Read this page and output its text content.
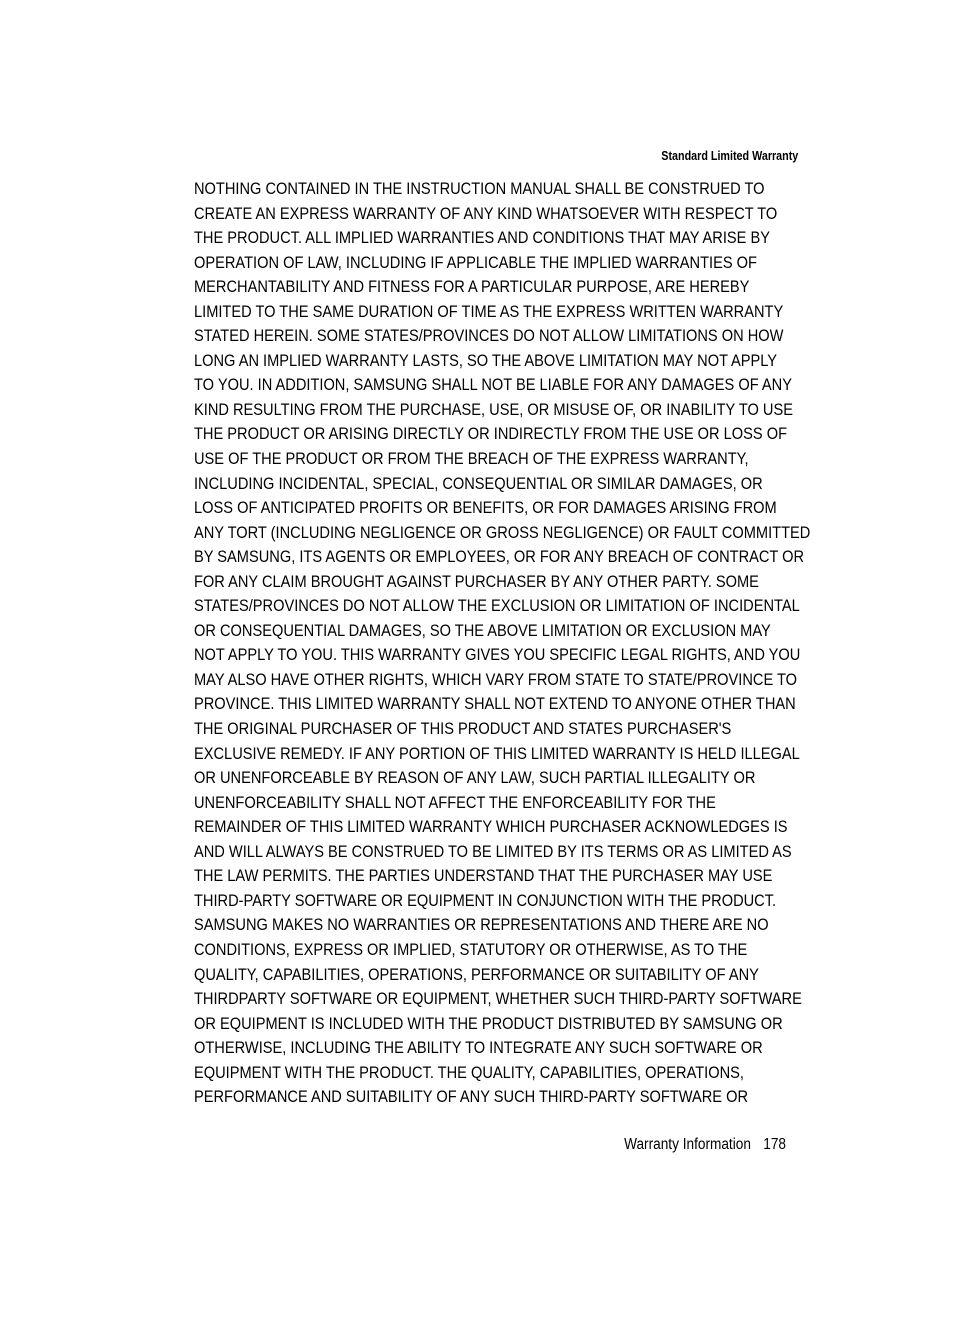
Standard Limited Warranty
NOTHING CONTAINED IN THE INSTRUCTION MANUAL SHALL BE CONSTRUED TO
CREATE AN EXPRESS WARRANTY OF ANY KIND WHATSOEVER WITH RESPECT TO
THE PRODUCT. ALL IMPLIED WARRANTIES AND CONDITIONS THAT MAY ARISE BY
OPERATION OF LAW, INCLUDING IF APPLICABLE THE IMPLIED WARRANTIES OF
MERCHANTABILITY AND FITNESS FOR A PARTICULAR PURPOSE, ARE HEREBY
LIMITED TO THE SAME DURATION OF TIME AS THE EXPRESS WRITTEN WARRANTY
STATED HEREIN. SOME STATES/PROVINCES DO NOT ALLOW LIMITATIONS ON HOW
LONG AN IMPLIED WARRANTY LASTS, SO THE ABOVE LIMITATION MAY NOT APPLY
TO YOU. IN ADDITION, SAMSUNG SHALL NOT BE LIABLE FOR ANY DAMAGES OF ANY
KIND RESULTING FROM THE PURCHASE, USE, OR MISUSE OF, OR INABILITY TO USE
THE PRODUCT OR ARISING DIRECTLY OR INDIRECTLY FROM THE USE OR LOSS OF
USE OF THE PRODUCT OR FROM THE BREACH OF THE EXPRESS WARRANTY,
INCLUDING INCIDENTAL, SPECIAL, CONSEQUENTIAL OR SIMILAR DAMAGES, OR
LOSS OF ANTICIPATED PROFITS OR BENEFITS, OR FOR DAMAGES ARISING FROM
ANY TORT (INCLUDING NEGLIGENCE OR GROSS NEGLIGENCE) OR FAULT COMMITTED
BY SAMSUNG, ITS AGENTS OR EMPLOYEES, OR FOR ANY BREACH OF CONTRACT OR
FOR ANY CLAIM BROUGHT AGAINST PURCHASER BY ANY OTHER PARTY. SOME
STATES/PROVINCES DO NOT ALLOW THE EXCLUSION OR LIMITATION OF INCIDENTAL
OR CONSEQUENTIAL DAMAGES, SO THE ABOVE LIMITATION OR EXCLUSION MAY
NOT APPLY TO YOU. THIS WARRANTY GIVES YOU SPECIFIC LEGAL RIGHTS, AND YOU
MAY ALSO HAVE OTHER RIGHTS, WHICH VARY FROM STATE TO STATE/PROVINCE TO
PROVINCE. THIS LIMITED WARRANTY SHALL NOT EXTEND TO ANYONE OTHER THAN
THE ORIGINAL PURCHASER OF THIS PRODUCT AND STATES PURCHASER'S
EXCLUSIVE REMEDY. IF ANY PORTION OF THIS LIMITED WARRANTY IS HELD ILLEGAL
OR UNENFORCEABLE BY REASON OF ANY LAW, SUCH PARTIAL ILLEGALITY OR
UNENFORCEABILITY SHALL NOT AFFECT THE ENFORCEABILITY FOR THE
REMAINDER OF THIS LIMITED WARRANTY WHICH PURCHASER ACKNOWLEDGES IS
AND WILL ALWAYS BE CONSTRUED TO BE LIMITED BY ITS TERMS OR AS LIMITED AS
THE LAW PERMITS. THE PARTIES UNDERSTAND THAT THE PURCHASER MAY USE
THIRD-PARTY SOFTWARE OR EQUIPMENT IN CONJUNCTION WITH THE PRODUCT.
SAMSUNG MAKES NO WARRANTIES OR REPRESENTATIONS AND THERE ARE NO
CONDITIONS, EXPRESS OR IMPLIED, STATUTORY OR OTHERWISE, AS TO THE
QUALITY, CAPABILITIES, OPERATIONS, PERFORMANCE OR SUITABILITY OF ANY
THIRDPARTY SOFTWARE OR EQUIPMENT, WHETHER SUCH THIRD-PARTY SOFTWARE
OR EQUIPMENT IS INCLUDED WITH THE PRODUCT DISTRIBUTED BY SAMSUNG OR
OTHERWISE, INCLUDING THE ABILITY TO INTEGRATE ANY SUCH SOFTWARE OR
EQUIPMENT WITH THE PRODUCT. THE QUALITY, CAPABILITIES, OPERATIONS,
PERFORMANCE AND SUITABILITY OF ANY SUCH THIRD-PARTY SOFTWARE OR
Warranty Information 178
